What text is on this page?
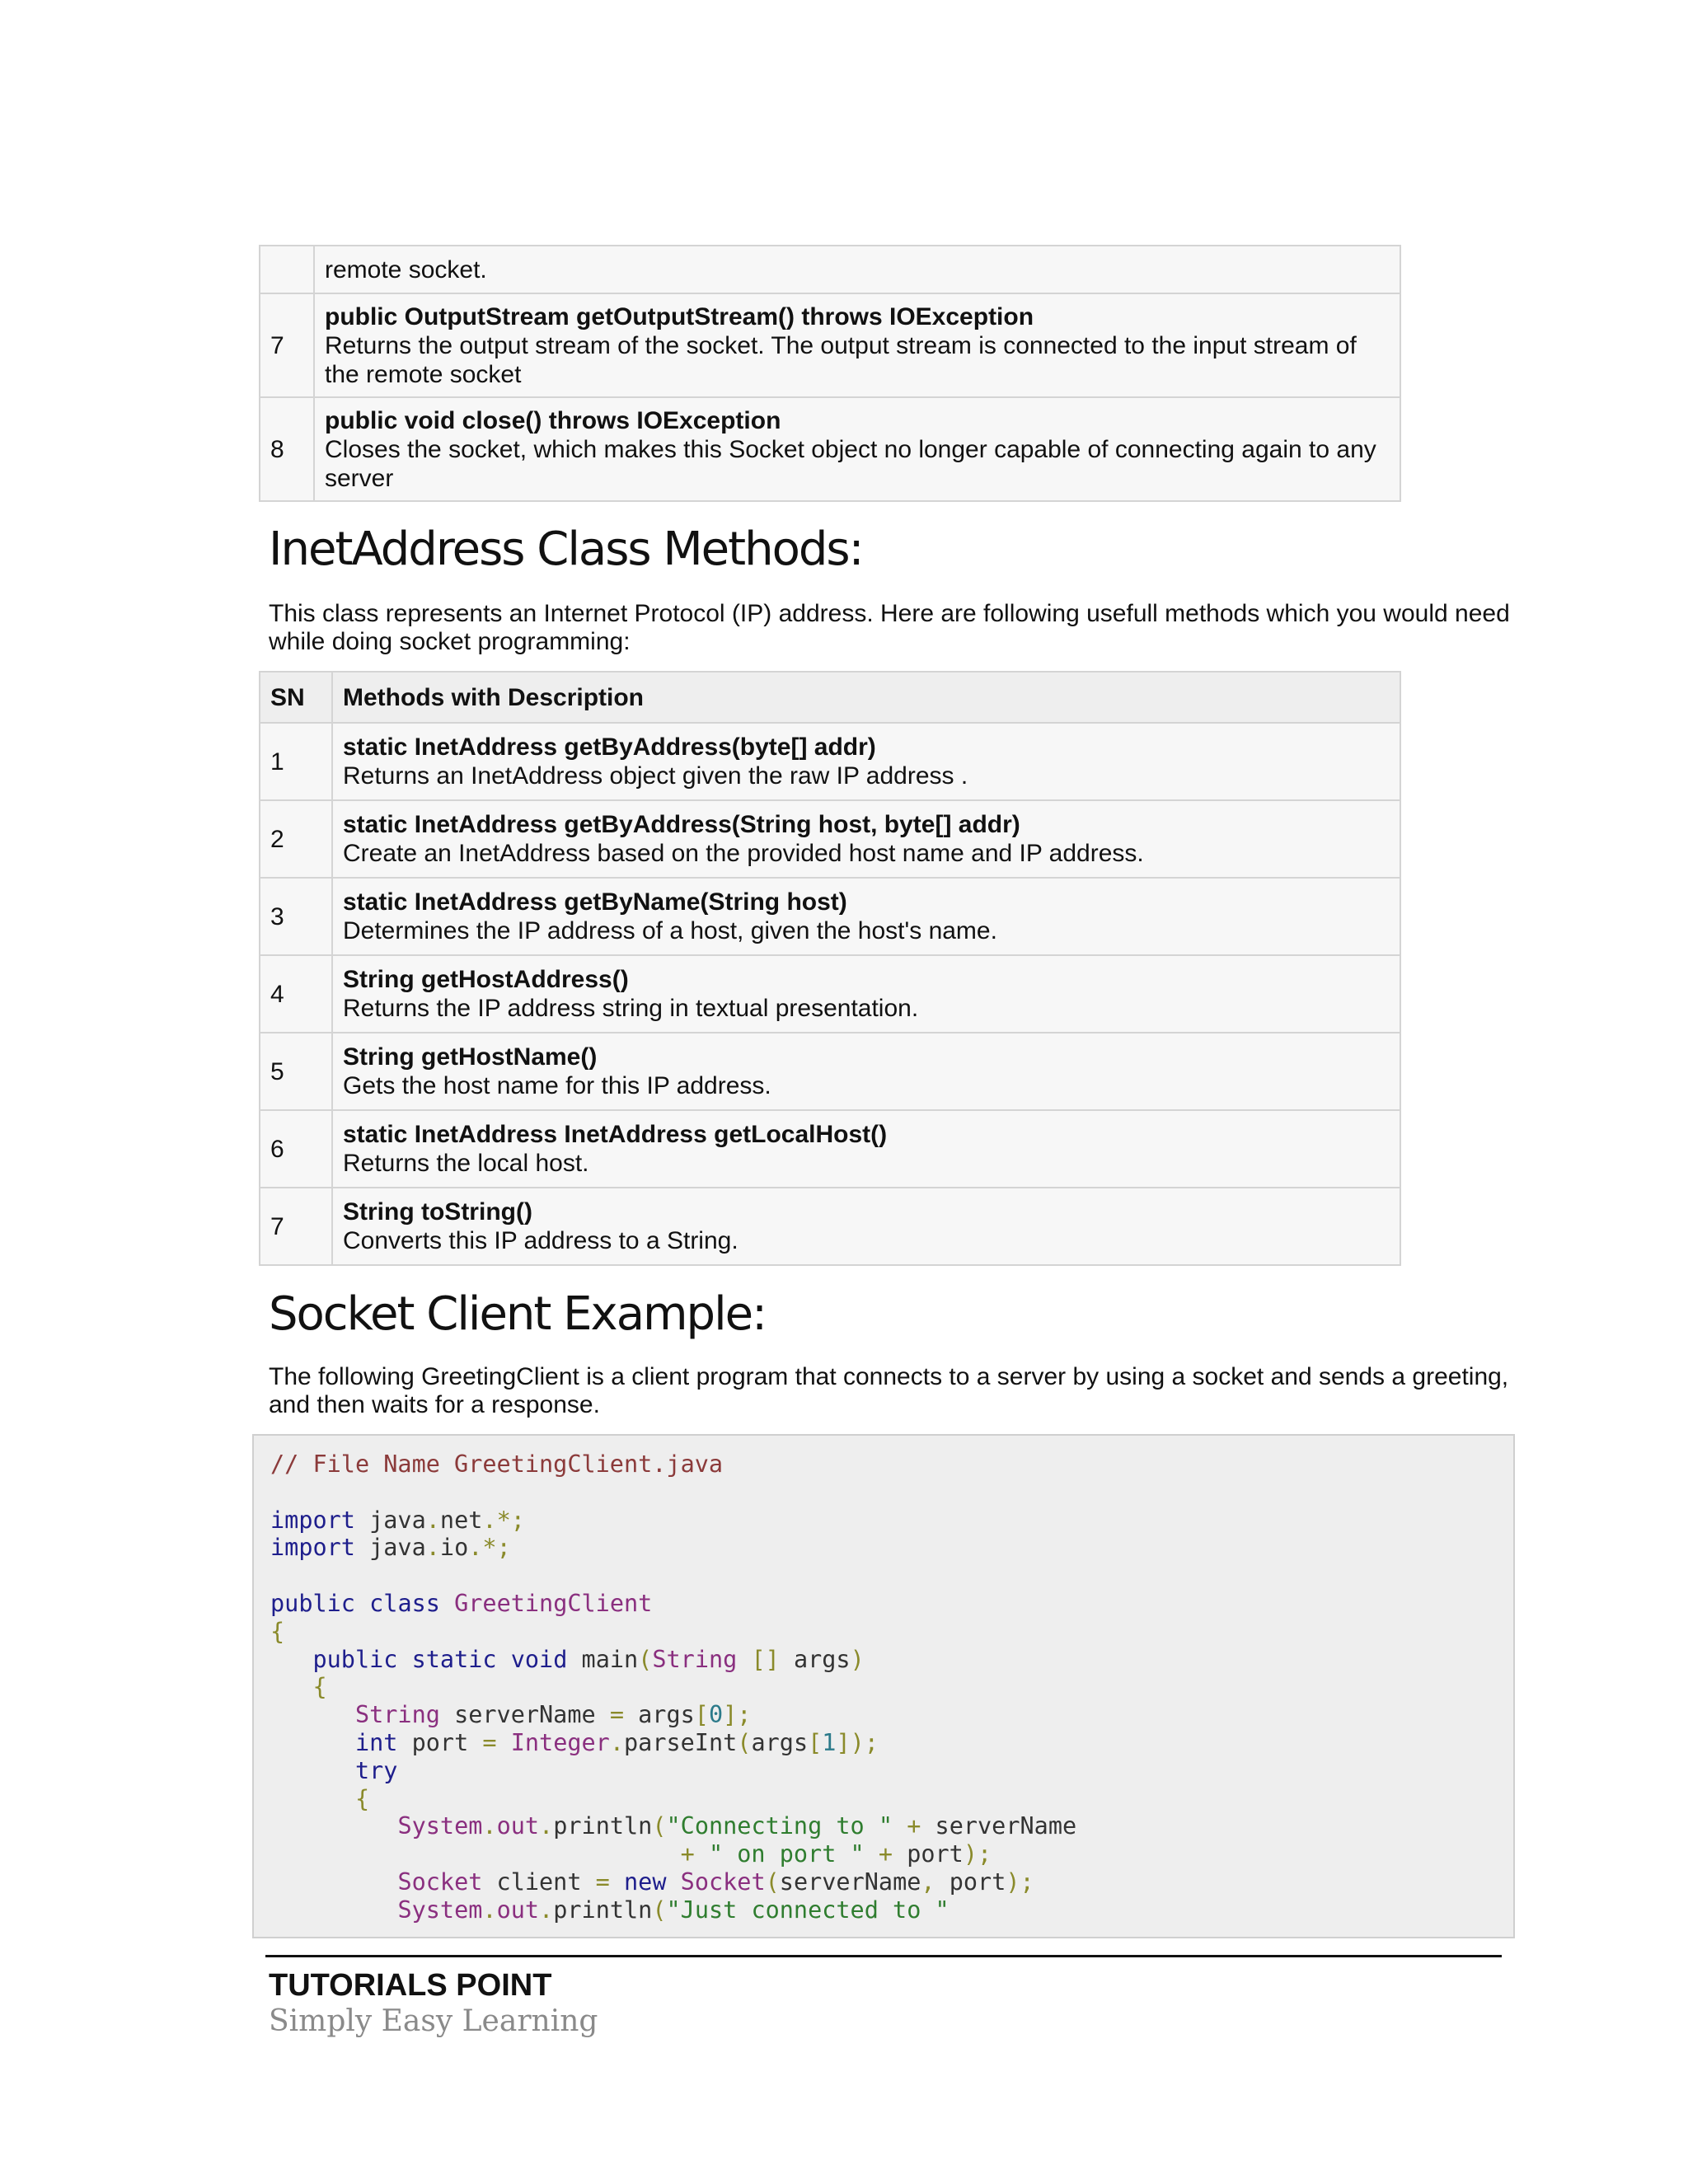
	remote socket.

7	public OutputStream getOutputStream() throws IOException
Returns the output stream of the socket. The output stream is connected to the input stream of the remote socket

8	public void close() throws IOException
Closes the socket, which makes this Socket object no longer capable of connecting again to any server
InetAddress Class Methods:

This class represents an Internet Protocol (IP) address. Here are following usefull methods which you would need while doing socket programming:

SN	Methods with Description
1	static InetAddress getByAddress(byte[] addr)
Returns an InetAddress object given the raw IP address .

2	static InetAddress getByAddress(String host, byte[] addr)
Create an InetAddress based on the provided host name and IP address.

3	static InetAddress getByName(String host)
Determines the IP address of a host, given the host's name.

4	String getHostAddress()
Returns the IP address string in textual presentation.

5	String getHostName()
Gets the host name for this IP address.

6	static InetAddress InetAddress getLocalHost()
Returns the local host.

7	String toString()
Converts this IP address to a String.
Socket Client Example:

The following GreetingClient is a client program that connects to a server by using a socket and sends a greeting, and then waits for a response.

// File Name GreetingClient.java

import java.net.*;
import java.io.*;

public class GreetingClient
{
public static void main(String [] args)
{
String serverName = args[0];
int port = Integer.parseInt(args[1]);
try
{
System.out.println("Connecting to " + serverName
+ " on port " + port);
Socket client = new Socket(serverName, port);
System.out.println("Just connected to "
TUTORIALS POINT
Simply Easy Learning
